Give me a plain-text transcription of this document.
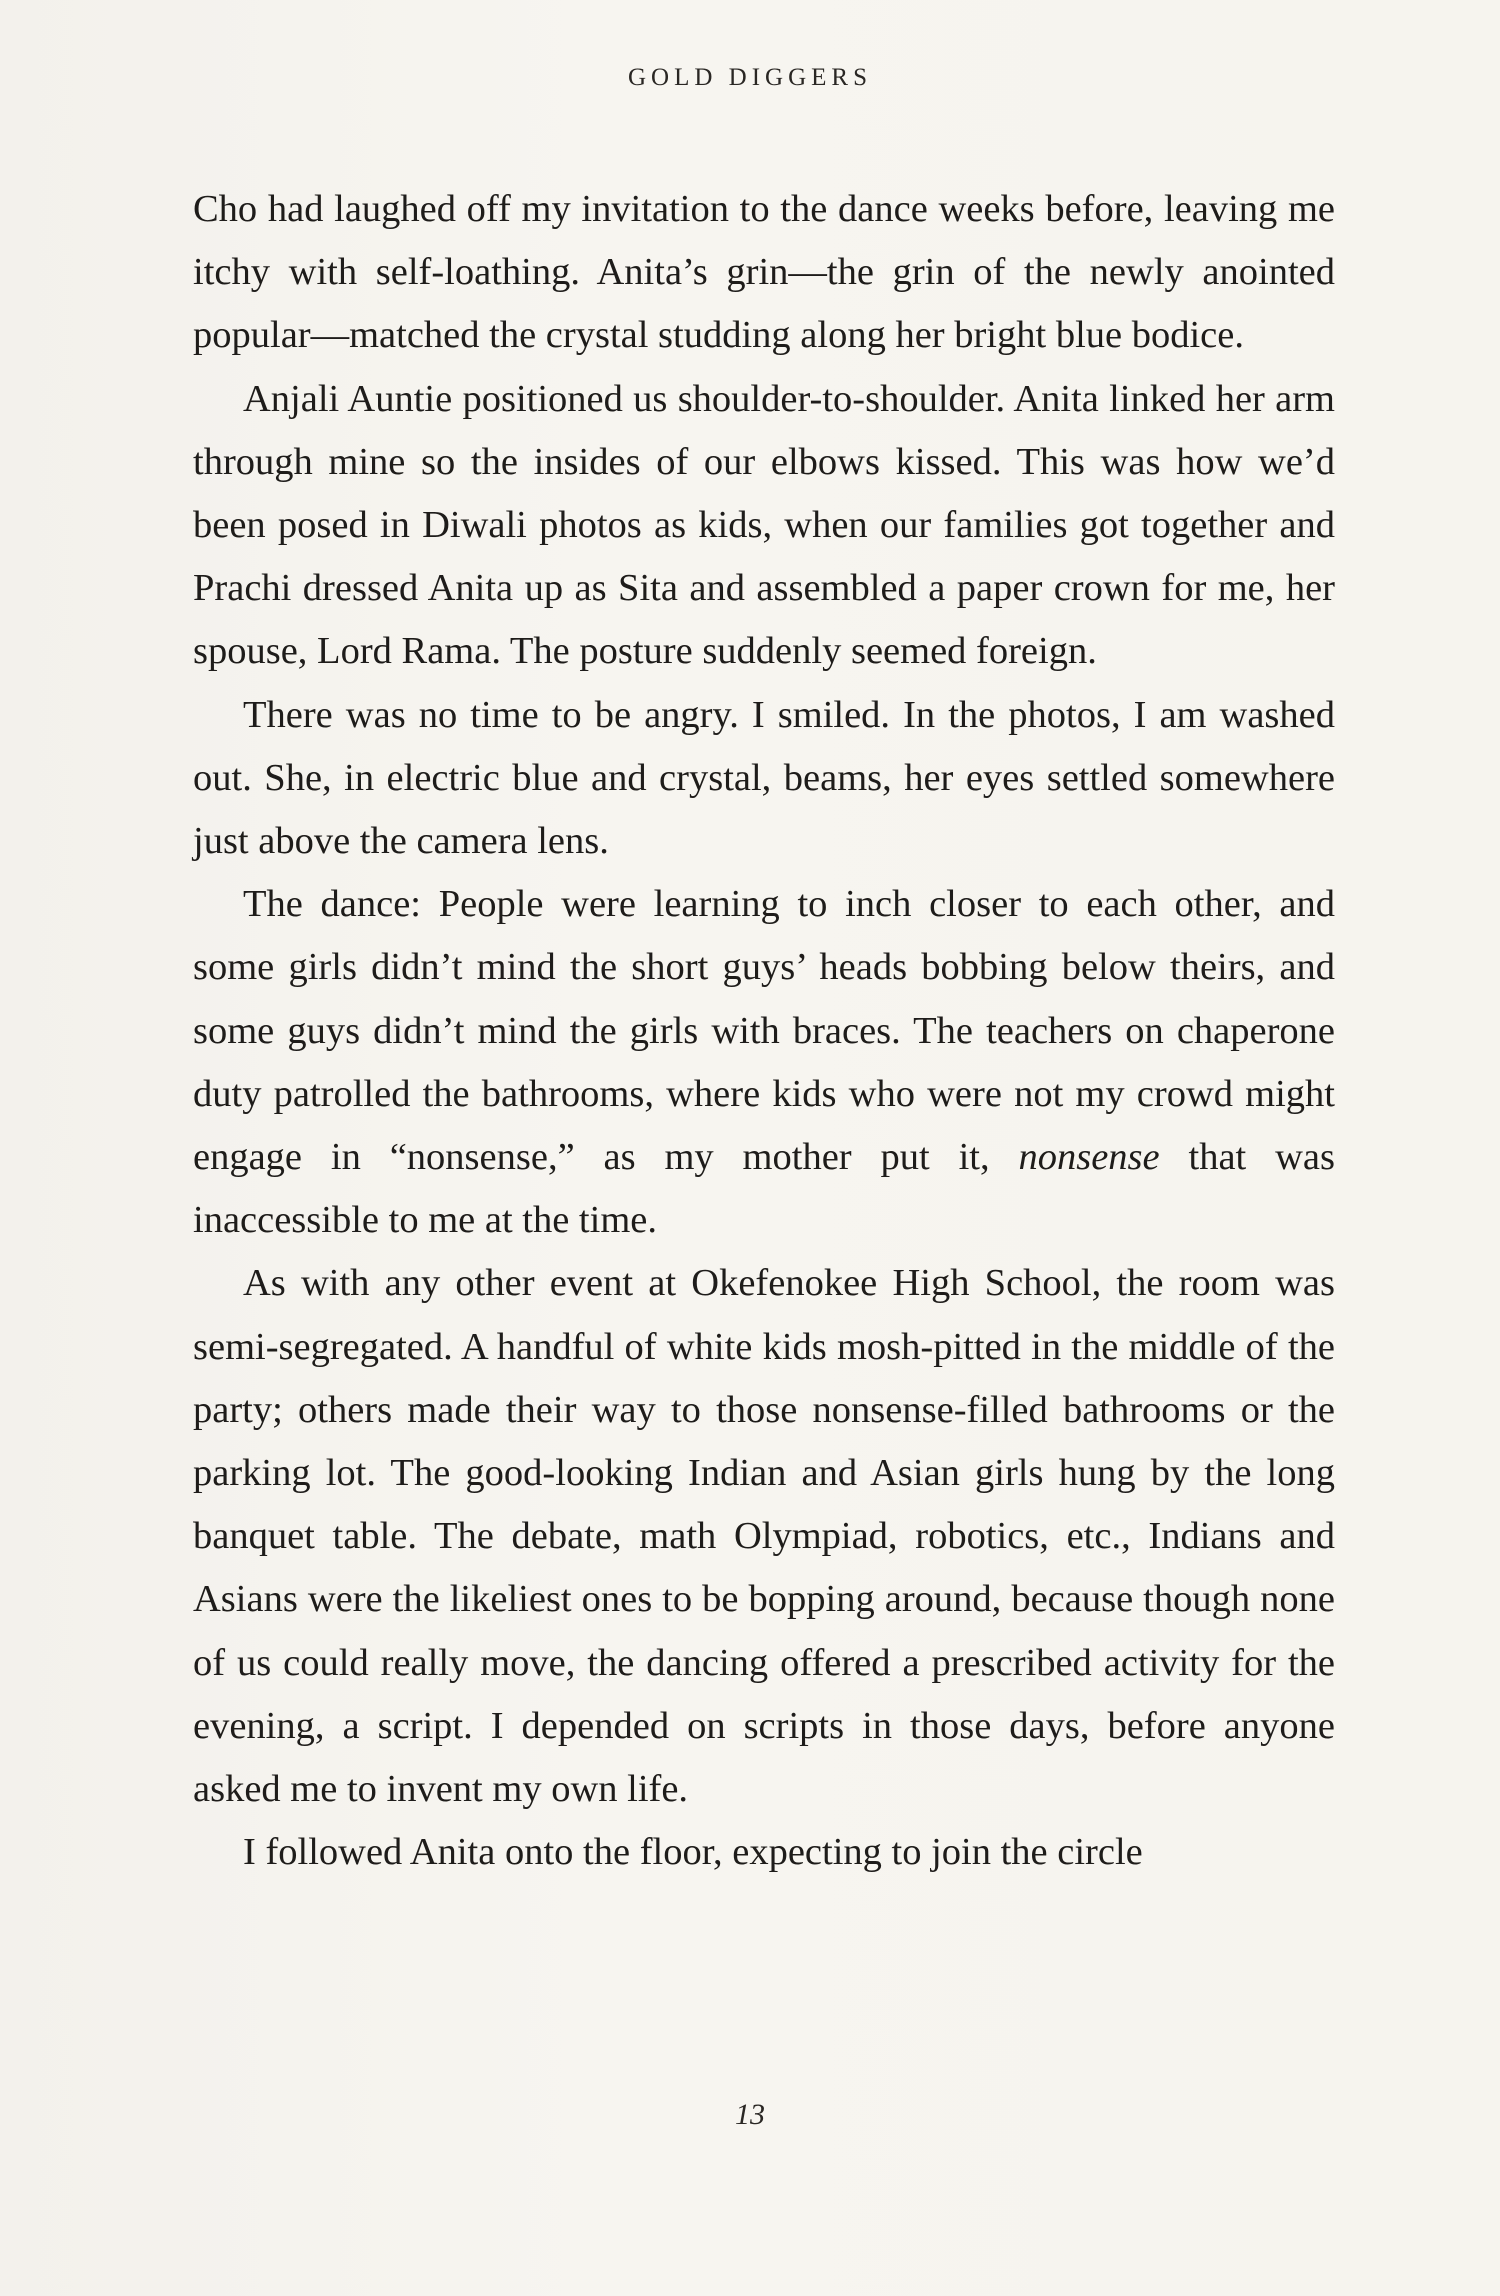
GOLD DIGGERS

Cho had laughed off my invitation to the dance weeks before, leaving me itchy with self-loathing. Anita’s grin—the grin of the newly anointed popular—matched the crystal studding along her bright blue bodice.

Anjali Auntie positioned us shoulder-to-shoulder. Anita linked her arm through mine so the insides of our elbows kissed. This was how we’d been posed in Diwali photos as kids, when our families got together and Prachi dressed Anita up as Sita and assembled a paper crown for me, her spouse, Lord Rama. The posture suddenly seemed foreign.

There was no time to be angry. I smiled. In the photos, I am washed out. She, in electric blue and crystal, beams, her eyes settled somewhere just above the camera lens.

The dance: People were learning to inch closer to each other, and some girls didn’t mind the short guys’ heads bobbing below theirs, and some guys didn’t mind the girls with braces. The teachers on chaperone duty patrolled the bathrooms, where kids who were not my crowd might engage in “nonsense,” as my mother put it, nonsense that was inaccessible to me at the time.

As with any other event at Okefenokee High School, the room was semi-segregated. A handful of white kids mosh-pitted in the middle of the party; others made their way to those nonsense-filled bathrooms or the parking lot. The good-looking Indian and Asian girls hung by the long banquet table. The debate, math Olympiad, robotics, etc., Indians and Asians were the likeliest ones to be bopping around, because though none of us could really move, the dancing offered a prescribed activity for the evening, a script. I depended on scripts in those days, before anyone asked me to invent my own life.

I followed Anita onto the floor, expecting to join the circle

13
